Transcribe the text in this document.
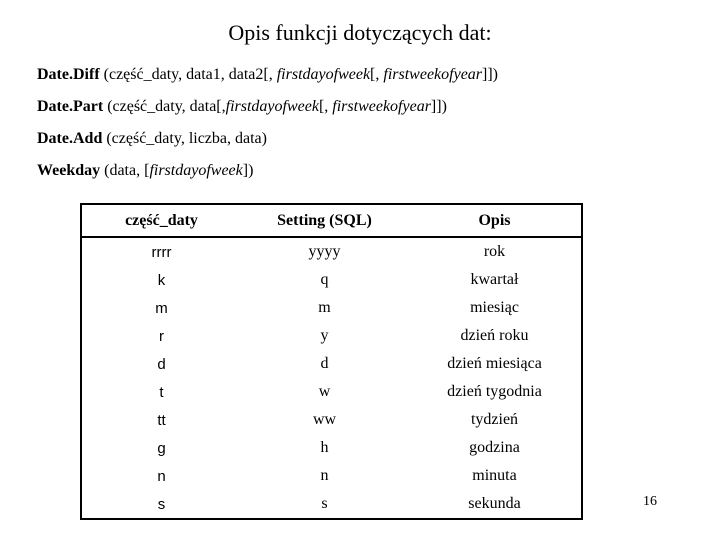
Opis funkcji dotyczących dat:
Date.Diff (część_daty, data1, data2[, firstdayofweek[, firstweekofyear]])
Date.Part (część_daty, data[,firstdayofweek[, firstweekofyear]])
Date.Add (część_daty, liczba, data)
Weekday (data, [firstdayofweek])
część_daty	Setting (SQL)	Opis
rrrr	yyyy	rok
k	q	kwartał
m	m	miesiąc
r	y	dzień roku
d	d	dzień miesiąca
t	w	dzień tygodnia
tt	ww	tydzień
g	h	godzina
n	n	minuta
s	s	sekunda	16
